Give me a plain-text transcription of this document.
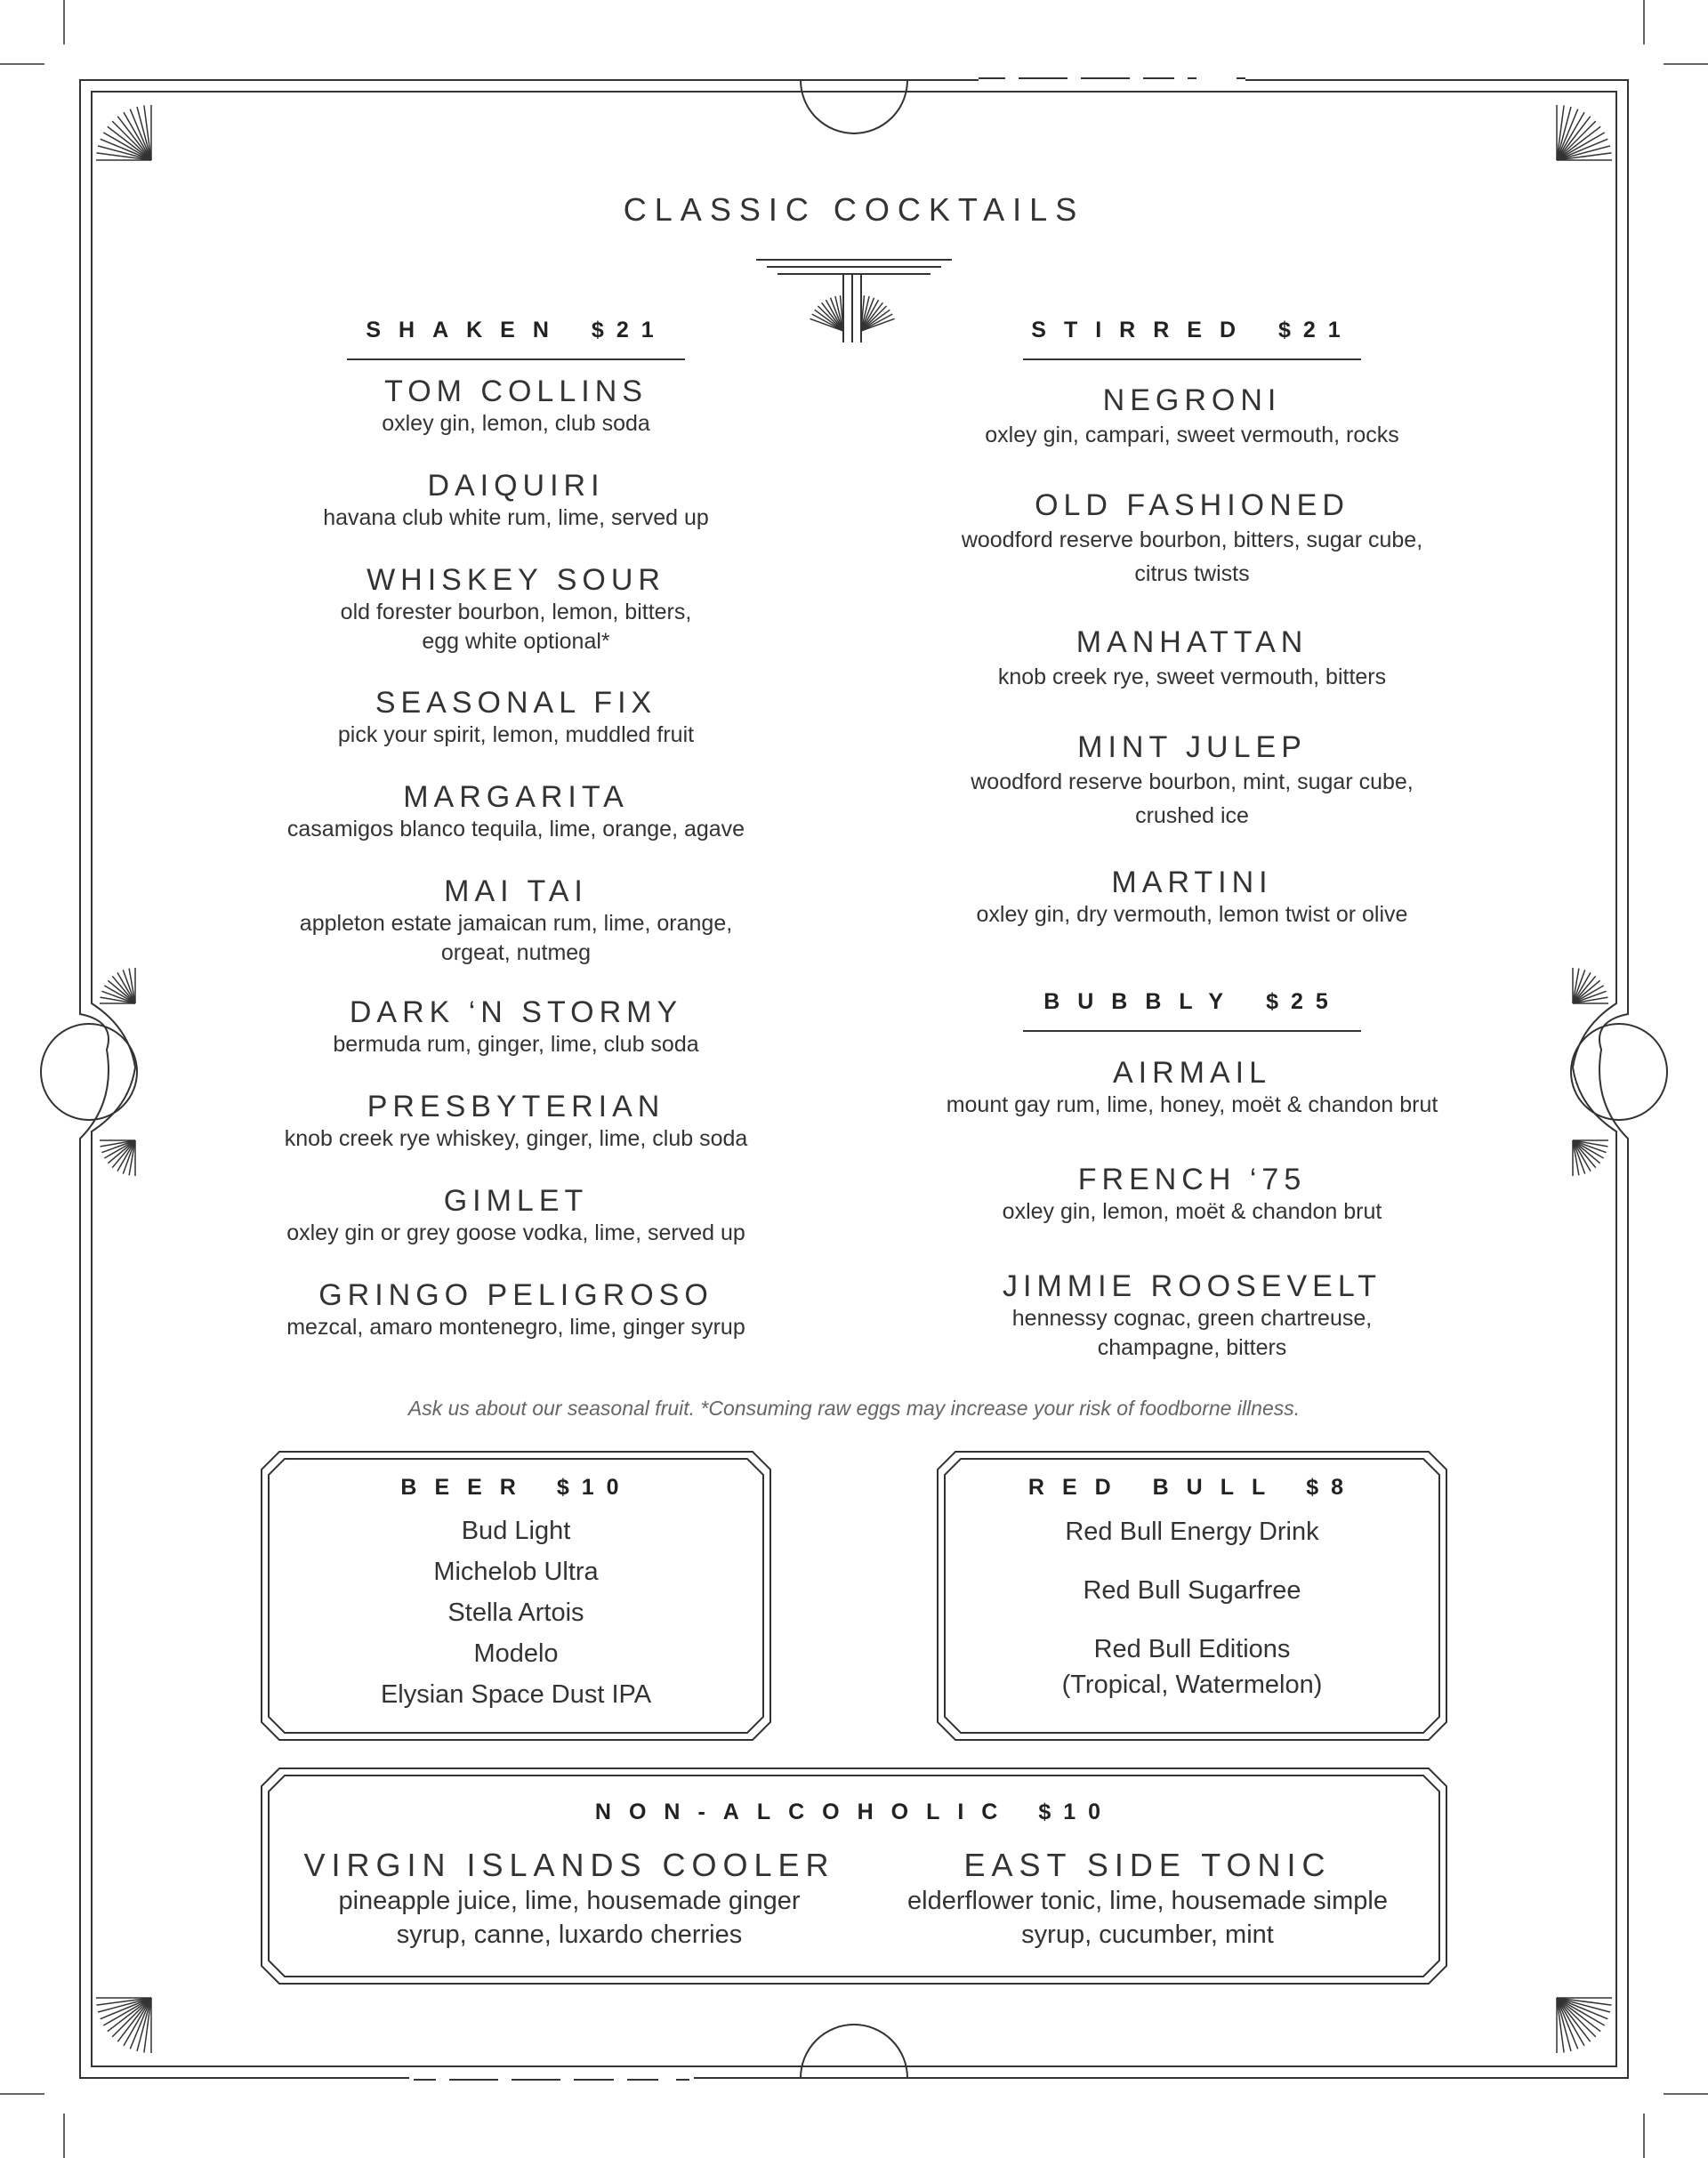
CLASSIC COCKTAILS
SHAKEN $21
TOM COLLINS
oxley gin, lemon, club soda
DAIQUIRI
havana club white rum, lime, served up
WHISKEY SOUR
old forester bourbon, lemon, bitters,
egg white optional*
SEASONAL FIX
pick your spirit, lemon, muddled fruit
MARGARITA
casamigos blanco tequila, lime, orange, agave
MAI TAI
appleton estate jamaican rum, lime, orange,
orgeat, nutmeg
DARK ‘N STORMY
bermuda rum, ginger, lime, club soda
PRESBYTERIAN
knob creek rye whiskey, ginger, lime, club soda
GIMLET
oxley gin or grey goose vodka, lime, served up
GRINGO PELIGROSO
mezcal, amaro montenegro, lime, ginger syrup
STIRRED $21
NEGRONI
oxley gin, campari, sweet vermouth, rocks
OLD FASHIONED
woodford reserve bourbon, bitters, sugar cube,
citrus twists
MANHATTAN
knob creek rye, sweet vermouth, bitters
MINT JULEP
woodford reserve bourbon, mint, sugar cube,
crushed ice
MARTINI
oxley gin, dry vermouth, lemon twist or olive
BUBBLY $25
AIRMAIL
mount gay rum, lime, honey, moët & chandon brut
FRENCH ‘75
oxley gin, lemon, moët & chandon brut
JIMMIE ROOSEVELT
hennessy cognac, green chartreuse,
champagne, bitters
Ask us about our seasonal fruit. *Consuming raw eggs may increase your risk of foodborne illness.
BEER $10
Bud Light
Michelob Ultra
Stella Artois
Modelo
Elysian Space Dust IPA
RED BULL $8
Red Bull Energy Drink
Red Bull Sugarfree
Red Bull Editions
(Tropical, Watermelon)
NON-ALCOHOLIC $10
VIRGIN ISLANDS COOLER
pineapple juice, lime, housemade ginger
syrup, canne, luxardo cherries
EAST SIDE TONIC
elderflower tonic, lime, housemade simple
syrup, cucumber, mint
